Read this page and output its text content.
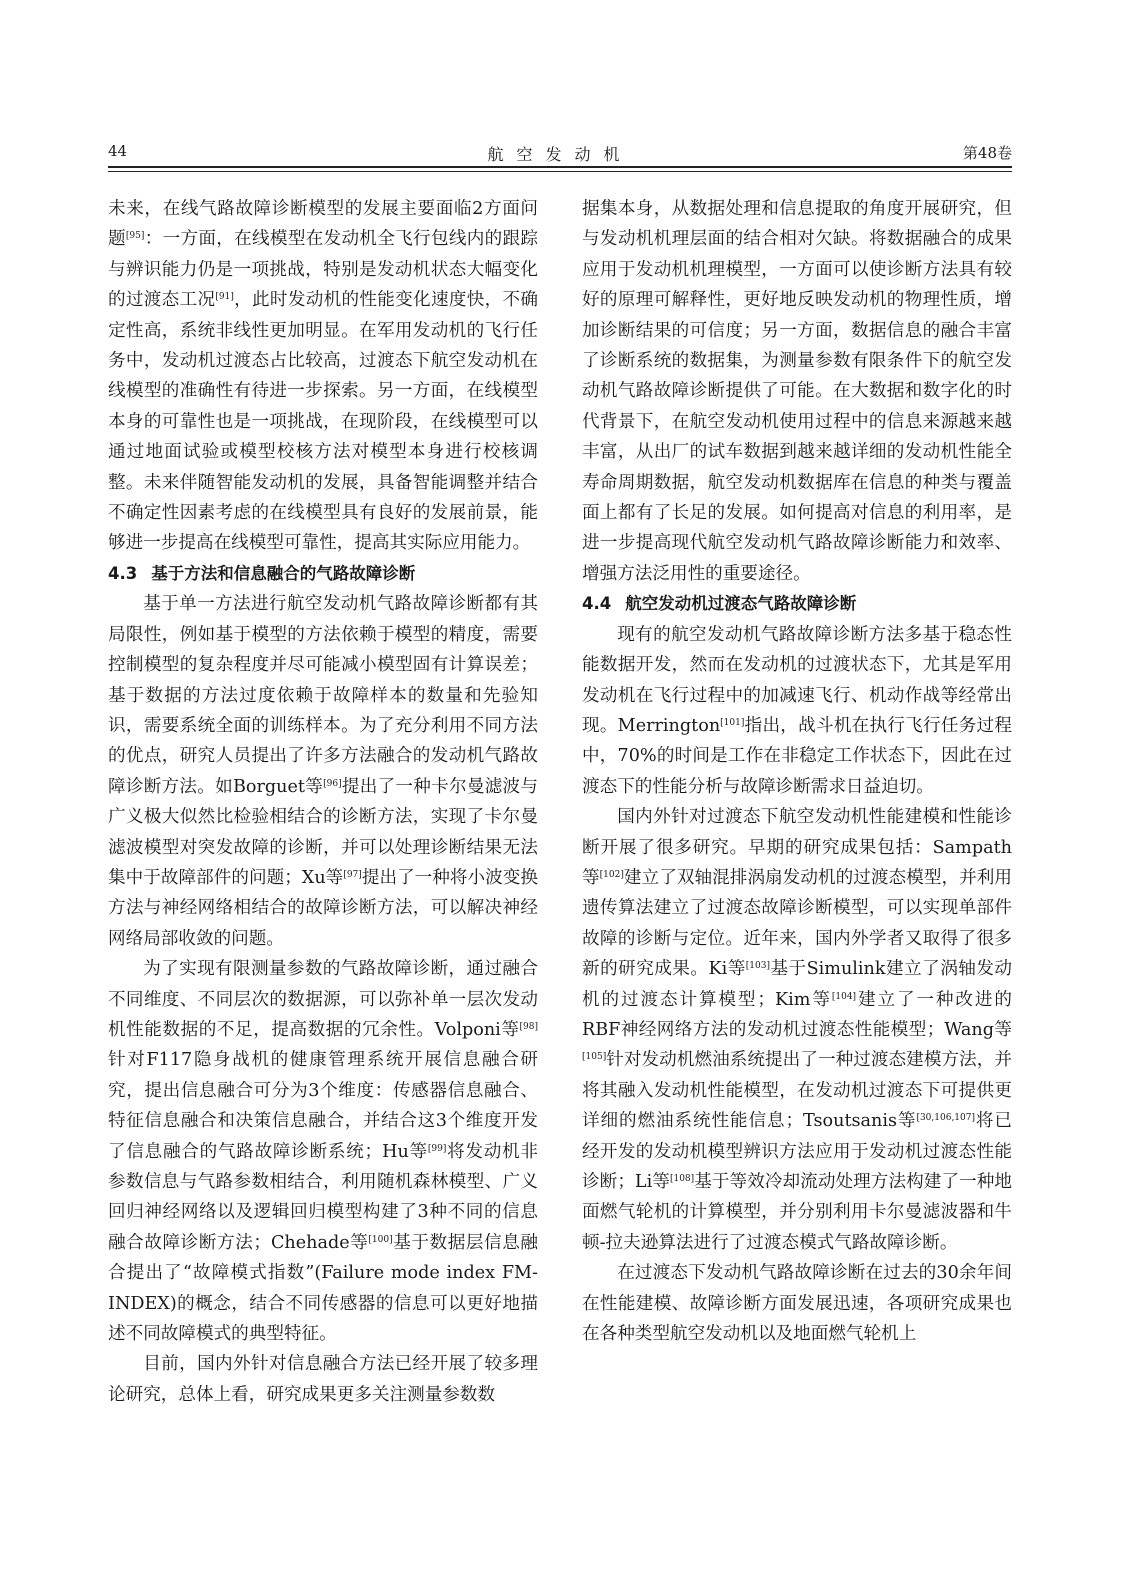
44	航空发动机	第48卷

未来，在线气路故障诊断模型的发展主要面临2方面问题[95]：一方面，在线模型在发动机全飞行包线内的跟踪与辨识能力仍是一项挑战，特别是发动机状态大幅变化的过渡态工况[91]，此时发动机的性能变化速度快，不确定性高，系统非线性更加明显。在军用发动机的飞行任务中，发动机过渡态占比较高，过渡态下航空发动机在线模型的准确性有待进一步探索。另一方面，在线模型本身的可靠性也是一项挑战，在现阶段，在线模型可以通过地面试验或模型校核方法对模型本身进行校核调整。未来伴随智能发动机的发展，具备智能调整并结合不确定性因素考虑的在线模型具有良好的发展前景，能够进一步提高在线模型可靠性，提高其实际应用能力。

4.3 基于方法和信息融合的气路故障诊断

基于单一方法进行航空发动机气路故障诊断都有其局限性，例如基于模型的方法依赖于模型的精度，需要控制模型的复杂程度并尽可能减小模型固有计算误差；基于数据的方法过度依赖于故障样本的数量和先验知识，需要系统全面的训练样本。为了充分利用不同方法的优点，研究人员提出了许多方法融合的发动机气路故障诊断方法。如Borguet等[96]提出了一种卡尔曼滤波与广义极大似然比检验相结合的诊断方法，实现了卡尔曼滤波模型对突发故障的诊断，并可以处理诊断结果无法集中于故障部件的问题；Xu等[97]提出了一种将小波变换方法与神经网络相结合的故障诊断方法，可以解决神经网络局部收敛的问题。

为了实现有限测量参数的气路故障诊断，通过融合不同维度、不同层次的数据源，可以弥补单一层次发动机性能数据的不足，提高数据的冗余性。Volponi等[98]针对F117隐身战机的健康管理系统开展信息融合研究，提出信息融合可分为3个维度：传感器信息融合、特征信息融合和决策信息融合，并结合这3个维度开发了信息融合的气路故障诊断系统；Hu等[99]将发动机非参数信息与气路参数相结合，利用随机森林模型、广义回归神经网络以及逻辑回归模型构建了3种不同的信息融合故障诊断方法；Chehade等[100]基于数据层信息融合提出了“故障模式指数”(Failure mode index FM-INDEX)的概念，结合不同传感器的信息可以更好地描述不同故障模式的典型特征。

目前，国内外针对信息融合方法已经开展了较多理论研究，总体上看，研究成果更多关注测量参数数

据集本身，从数据处理和信息提取的角度开展研究，但与发动机机理层面的结合相对欠缺。将数据融合的成果应用于发动机机理模型，一方面可以使诊断方法具有较好的原理可解释性，更好地反映发动机的物理性质，增加诊断结果的可信度；另一方面，数据信息的融合丰富了诊断系统的数据集，为测量参数有限条件下的航空发动机气路故障诊断提供了可能。在大数据和数字化的时代背景下，在航空发动机使用过程中的信息来源越来越丰富，从出厂的试车数据到越来越详细的发动机性能全寿命周期数据，航空发动机数据库在信息的种类与覆盖面上都有了长足的发展。如何提高对信息的利用率，是进一步提高现代航空发动机气路故障诊断能力和效率、增强方法泛用性的重要途径。

4.4 航空发动机过渡态气路故障诊断

现有的航空发动机气路故障诊断方法多基于稳态性能数据开发，然而在发动机的过渡状态下，尤其是军用发动机在飞行过程中的加减速飞行、机动作战等经常出现。Merrington[101]指出，战斗机在执行飞行任务过程中，70%的时间是工作在非稳定工作状态下，因此在过渡态下的性能分析与故障诊断需求日益迫切。

国内外针对过渡态下航空发动机性能建模和性能诊断开展了很多研究。早期的研究成果包括：Sampath等[102]建立了双轴混排涡扇发动机的过渡态模型，并利用遗传算法建立了过渡态故障诊断模型，可以实现单部件故障的诊断与定位。近年来，国内外学者又取得了很多新的研究成果。Ki等[103]基于Simulink建立了涡轴发动机的过渡态计算模型；Kim等[104]建立了一种改进的RBF神经网络方法的发动机过渡态性能模型；Wang等[105]针对发动机燃油系统提出了一种过渡态建模方法，并将其融入发动机性能模型，在发动机过渡态下可提供更详细的燃油系统性能信息；Tsoutsanis等[30,106,107]将已经开发的发动机模型辨识方法应用于发动机过渡态性能诊断；Li等[108]基于等效冷却流动处理方法构建了一种地面燃气轮机的计算模型，并分别利用卡尔曼滤波器和牛顿-拉夫逊算法进行了过渡态模式气路故障诊断。

在过渡态下发动机气路故障诊断在过去的30余年间在性能建模、故障诊断方面发展迅速，各项研究成果也在各种类型航空发动机以及地面燃气轮机上
